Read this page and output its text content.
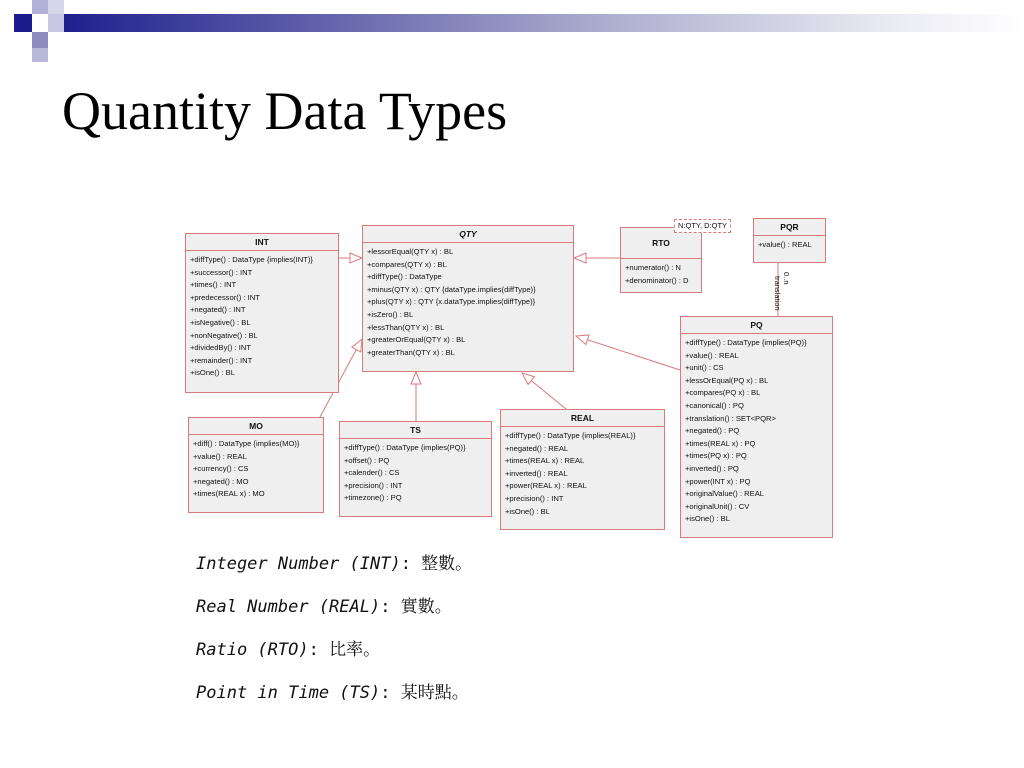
Quantity Data Types
INT
+diffType() : DataType {implies(INT)}
+successor() : INT
+times() : INT
+predecessor() : INT
+negated() : INT
+isNegative() : BL
+nonNegative() : BL
+dividedBy() : INT
+remainder() : INT
+isOne() : BL
QTY
+lessorEqual(QTY x) : BL
+compares(QTY x) : BL
+diffType() : DataType
+minus(QTY x) : QTY {dataType.implies(diffType)}
+plus(QTY x) : QTY {x.dataType.implies(diffType)}
+isZero() : BL
+lessThan(QTY x) : BL
+greaterOrEqual(QTY x) : BL
+greaterThan(QTY x) : BL
RTO
+numerator() : N
+denominator() : D
N:QTY, D:QTY	PQR
+value() : REAL
0..n
translation
PQ
+diffType() : DataType {implies(PQ)}
+value() : REAL
+unit() : CS
+lessOrEqual(PQ x) : BL
+compares(PQ x) : BL
+canonical() : PQ
+translation() : SET<PQR>
+negated() : PQ
+times(REAL x) : PQ
+times(PQ x) : PQ
+inverted() : PQ
+power(INT x) : PQ
+originalValue() : REAL
+originalUnit() : CV
+isOne() : BL
MO
+diff() : DataType {implies(MO)}
+value() : REAL
+currency() : CS
+negated() : MO
+times(REAL x) : MO
TS
+diffType() : DataType {implies(PQ)}
+offset() : PQ
+calender() : CS
+precision() : INT
+timezone() : PQ
REAL
+diffType() : DataType {implies(REAL)}
+negated() : REAL
+times(REAL x) : REAL
+inverted() : REAL
+power(REAL x) : REAL
+precision() : INT
+isOne() : BL
Integer Number (INT): 整數。
Real Number (REAL): 實數。
Ratio (RTO): 比率。
Point in Time (TS): 某時點。
